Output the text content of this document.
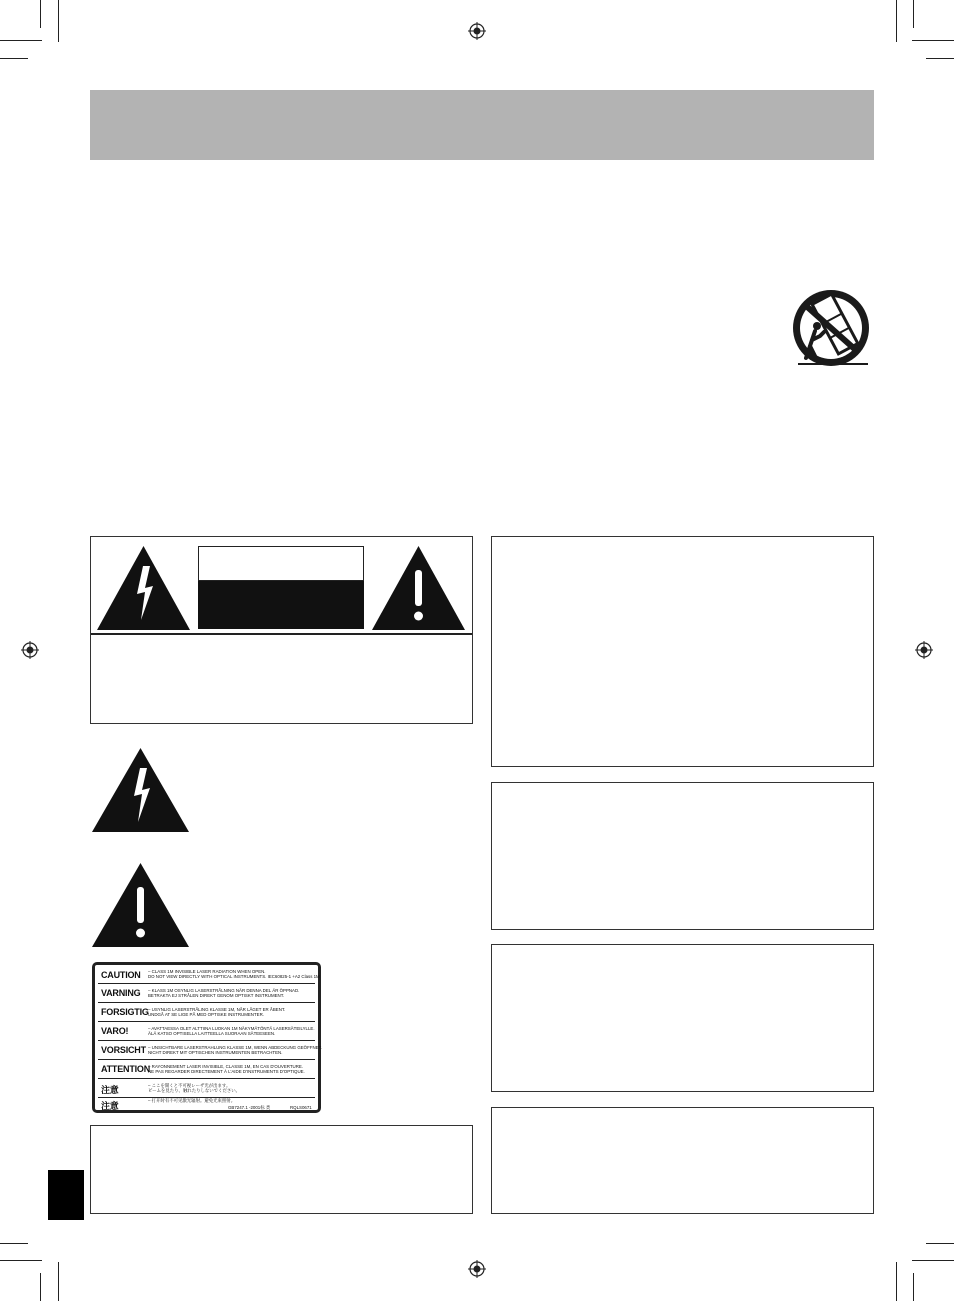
CAUTION – CLASS 1M INVISIBLE LASER RADIATION WHEN OPEN.
DO NOT VIEW DIRECTLY WITH OPTICAL INSTRUMENTS. IEC60825-1 +A2 Class 1M
VARNING – KLASS 1M OSYNLIG LASERSTRÅLNING NÄR DENNA DEL ÄR ÖPPNAD.
BETRAKTA EJ STRÅLEN DIREKT GENOM OPTISKT INSTRUMENT.
FORSIGTIG – USYNLIG LASERSTRÅLING KLASSE 1M, NÅR LÅGET ER ÅBENT.
UNDGÅ AT SE LIGE PÅ MED OPTISKE INSTRUMENTER.
VARO!	– AVATTAESSA OLET ALTTIINA LUOKAN 1M NÄKYMÄTÖNTÄ LASERSÄTEILYLLE.
ÄLÄ KATSO OPTISELLA LAITTEELLA SUORAAN SÄTEESEEN.
VORSICHT – UNSICHTBARE LASERSTRAHLUNG KLASSE 1M, WENN ABDECKUNG GEÖFFNET.
NICHT DIREKT MIT OPTISCHEN INSTRUMENTEN BETRACHTEN.
ATTENTION
– RAYONNEMENT LASER INVISIBLE, CLASSE 1M, EN CAS D'OUVERTURE.
NE PAS REGARDER DIRECTEMENT À L'AIDE D'INSTRUMENTS D'OPTIQUE.
注意	– ここを開くと不可視レーザ光が出ます。
ビームを見たり、触れたりしないでください。
注意
– 打开时有不可见激光辐射。避免光束照射。
GB7247.1 -2001标 类	RQLS0671
